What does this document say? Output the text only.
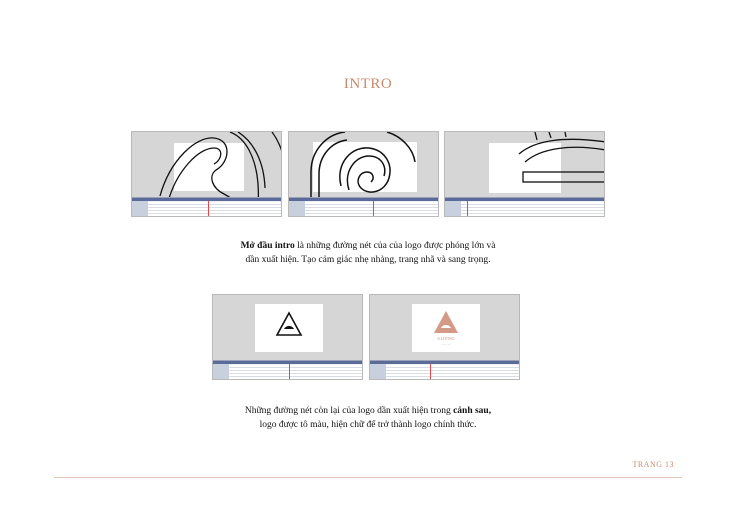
INTRO
Mở đầu intro là những đường nét của của logo được phóng lớn và
dần xuất hiện. Tạo cảm giác nhẹ nhàng, trang nhã và sang trọng.
S LIVING
— — —
Những đường nét còn lại của logo dần xuất hiện trong cảnh sau,
logo được tô màu, hiện chữ để trở thành logo chính thức.
TRANG 13
